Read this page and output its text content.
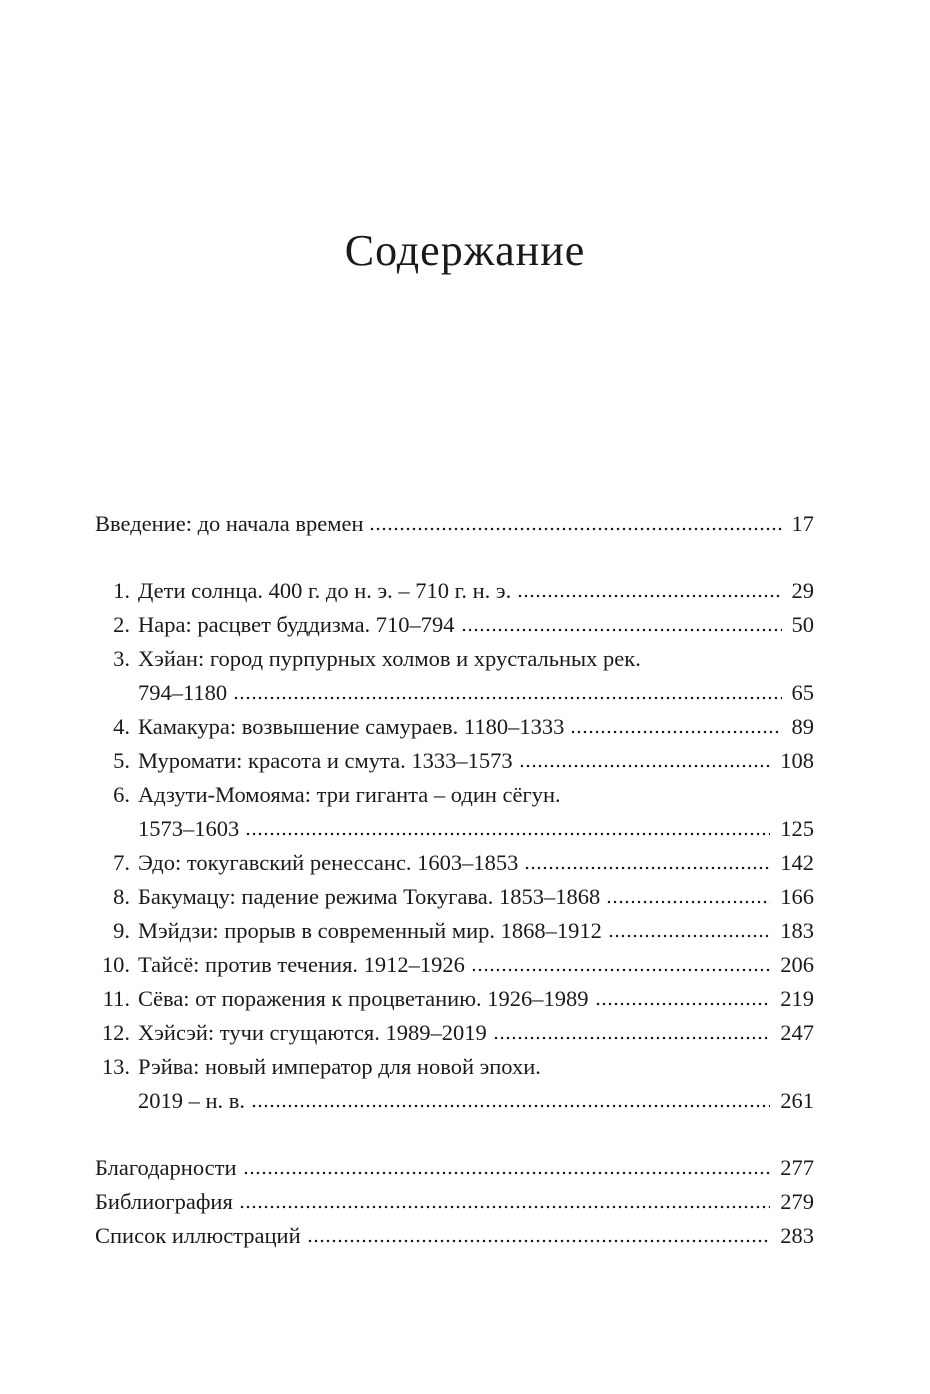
Содержание
Введение: до начала времен	17
1. Дети солнца. 400 г. до н. э. – 710 г. н. э.	29
2. Нара: расцвет буддизма. 710–794	50
3. Хэйан: город пурпурных холмов и хрустальных рек.
794–1180	65
4. Камакура: возвышение самураев. 1180–1333	89
5. Муромати: красота и смута. 1333–1573	108
6. Адзути-Момояма: три гиганта – один сёгун.
1573–1603	125
7. Эдо: токугавский ренессанс. 1603–1853	142
8. Бакумацу: падение режима Токугава. 1853–1868	166
9. Мэйдзи: прорыв в современный мир. 1868–1912	183
10. Тайсё: против течения. 1912–1926	206
11. Сёва: от поражения к процветанию. 1926–1989	219
12. Хэйсэй: тучи сгущаются. 1989–2019	247
13. Рэйва: новый император для новой эпохи.
2019 – н. в.	261
Благодарности	277
Библиография	279
Список иллюстраций	283
